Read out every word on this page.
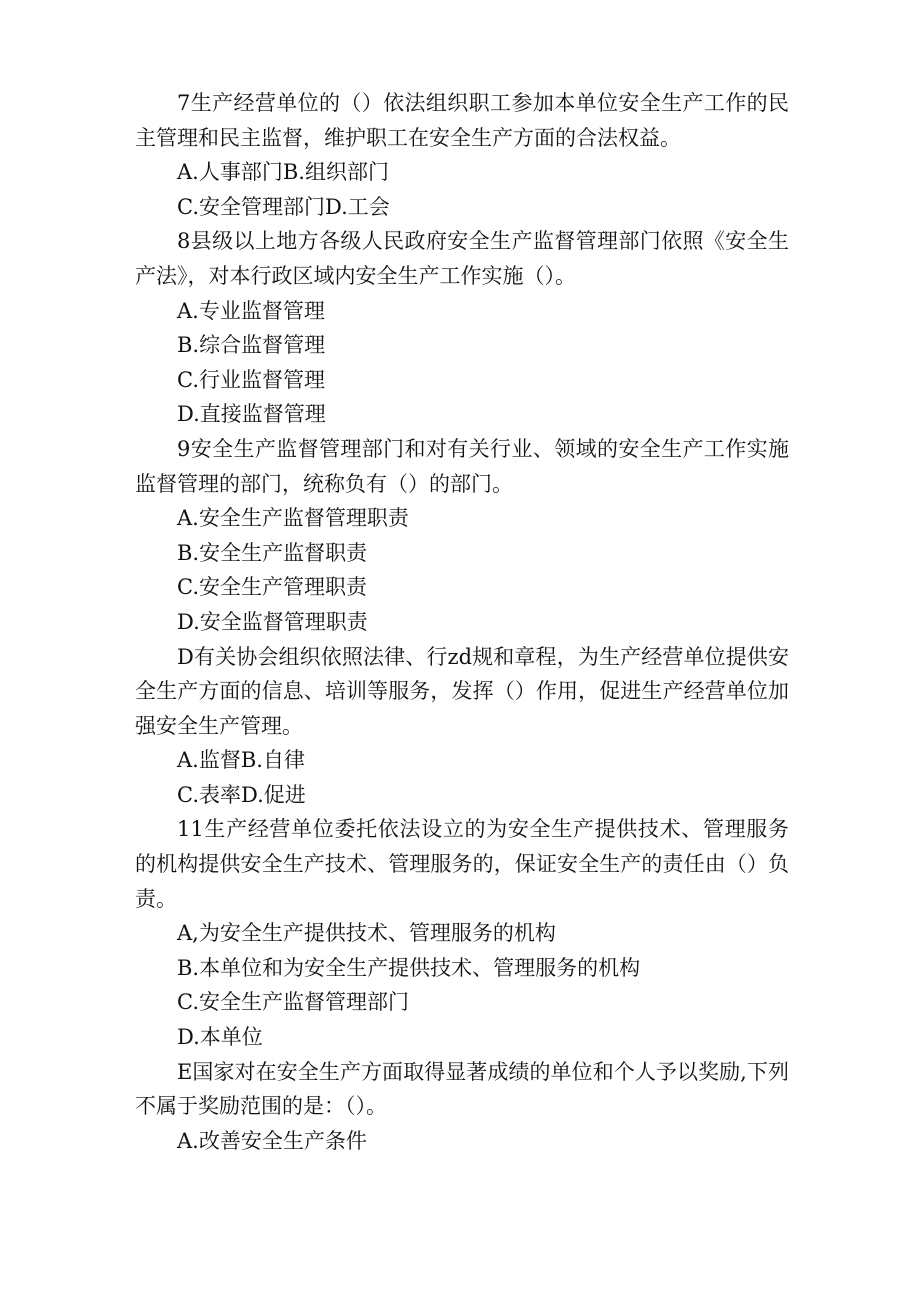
7生产经营单位的（）依法组织职工参加本单位安全生产工作的民主管理和民主监督，维护职工在安全生产方面的合法权益。

A.人事部门B.组织部门

C.安全管理部门D.工会

8县级以上地方各级人民政府安全生产监督管理部门依照《安全生产法》，对本行政区域内安全生产工作实施（）。

A.专业监督管理

B.综合监督管理

C.行业监督管理

D.直接监督管理

9安全生产监督管理部门和对有关行业、领域的安全生产工作实施监督管理的部门，统称负有（）的部门。

A.安全生产监督管理职责

B.安全生产监督职责

C.安全生产管理职责

D.安全监督管理职责

D有关协会组织依照法律、行zd规和章程，为生产经营单位提供安全生产方面的信息、培训等服务，发挥（）作用，促进生产经营单位加强安全生产管理。

A.监督B.自律

C.表率D.促进

11生产经营单位委托依法设立的为安全生产提供技术、管理服务的机构提供安全生产技术、管理服务的，保证安全生产的责任由（）负责。

A,为安全生产提供技术、管理服务的机构

B.本单位和为安全生产提供技术、管理服务的机构

C.安全生产监督管理部门

D.本单位

E国家对在安全生产方面取得显著成绩的单位和个人予以奖励,下列不属于奖励范围的是：（）。

A.改善安全生产条件
